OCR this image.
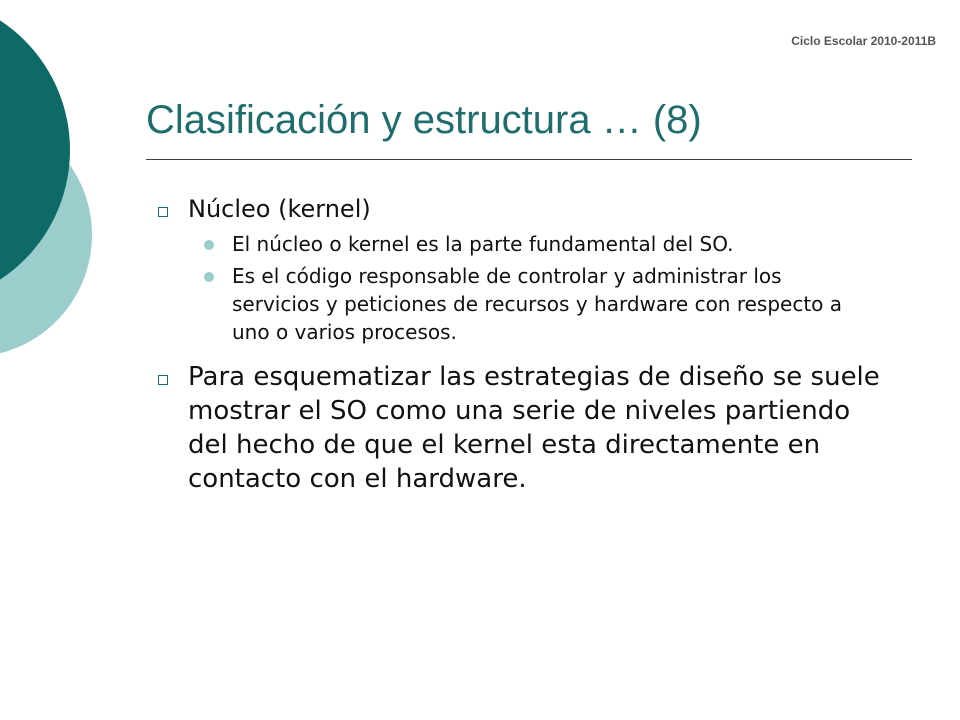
Ciclo Escolar 2010-2011B
Clasificación y estructura … (8)
Núcleo (kernel)
El núcleo o kernel es la parte fundamental del SO.
Es el código responsable de controlar y administrar los servicios y peticiones de recursos y hardware con respecto a uno o varios procesos.
Para esquematizar las estrategias de diseño se suele mostrar el SO como una serie de niveles partiendo del hecho de que el kernel esta directamente en contacto con el hardware.
